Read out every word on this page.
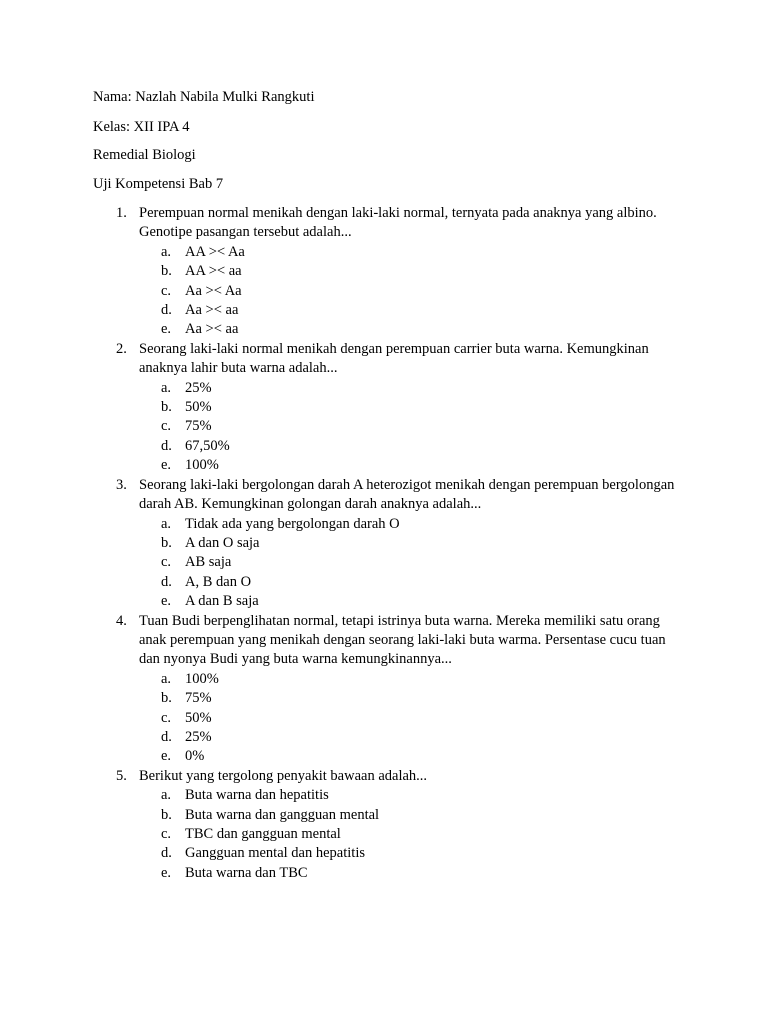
Nama: Nazlah Nabila Mulki Rangkuti

Kelas: XII IPA 4

Remedial Biologi

Uji Kompetensi Bab 7

1. Perempuan normal menikah dengan laki-laki normal, ternyata pada anaknya yang albino. Genotipe pasangan tersebut adalah...
a. AA >< Aa
b. AA >< aa
c. Aa >< Aa
d. Aa >< aa
e. Aa >< aa
2. Seorang laki-laki normal menikah dengan perempuan carrier buta warna. Kemungkinan anaknya lahir buta warna adalah...
a. 25%
b. 50%
c. 75%
d. 67,50%
e. 100%
3. Seorang laki-laki bergolongan darah A heterozigot menikah dengan perempuan bergolongan darah AB. Kemungkinan golongan darah anaknya adalah...
a. Tidak ada yang bergolongan darah O
b. A dan O saja
c. AB saja
d. A, B dan O
e. A dan B saja
4. Tuan Budi berpenglihatan normal, tetapi istrinya buta warna. Mereka memiliki satu orang anak perempuan yang menikah dengan seorang laki-laki buta warma. Persentase cucu tuan dan nyonya Budi yang buta warna kemungkinannya...
a. 100%
b. 75%
c. 50%
d. 25%
e. 0%
5. Berikut yang tergolong penyakit bawaan adalah...
a. Buta warna dan hepatitis
b. Buta warna dan gangguan mental
c. TBC dan gangguan mental
d. Gangguan mental dan hepatitis
e. Buta warna dan TBC
